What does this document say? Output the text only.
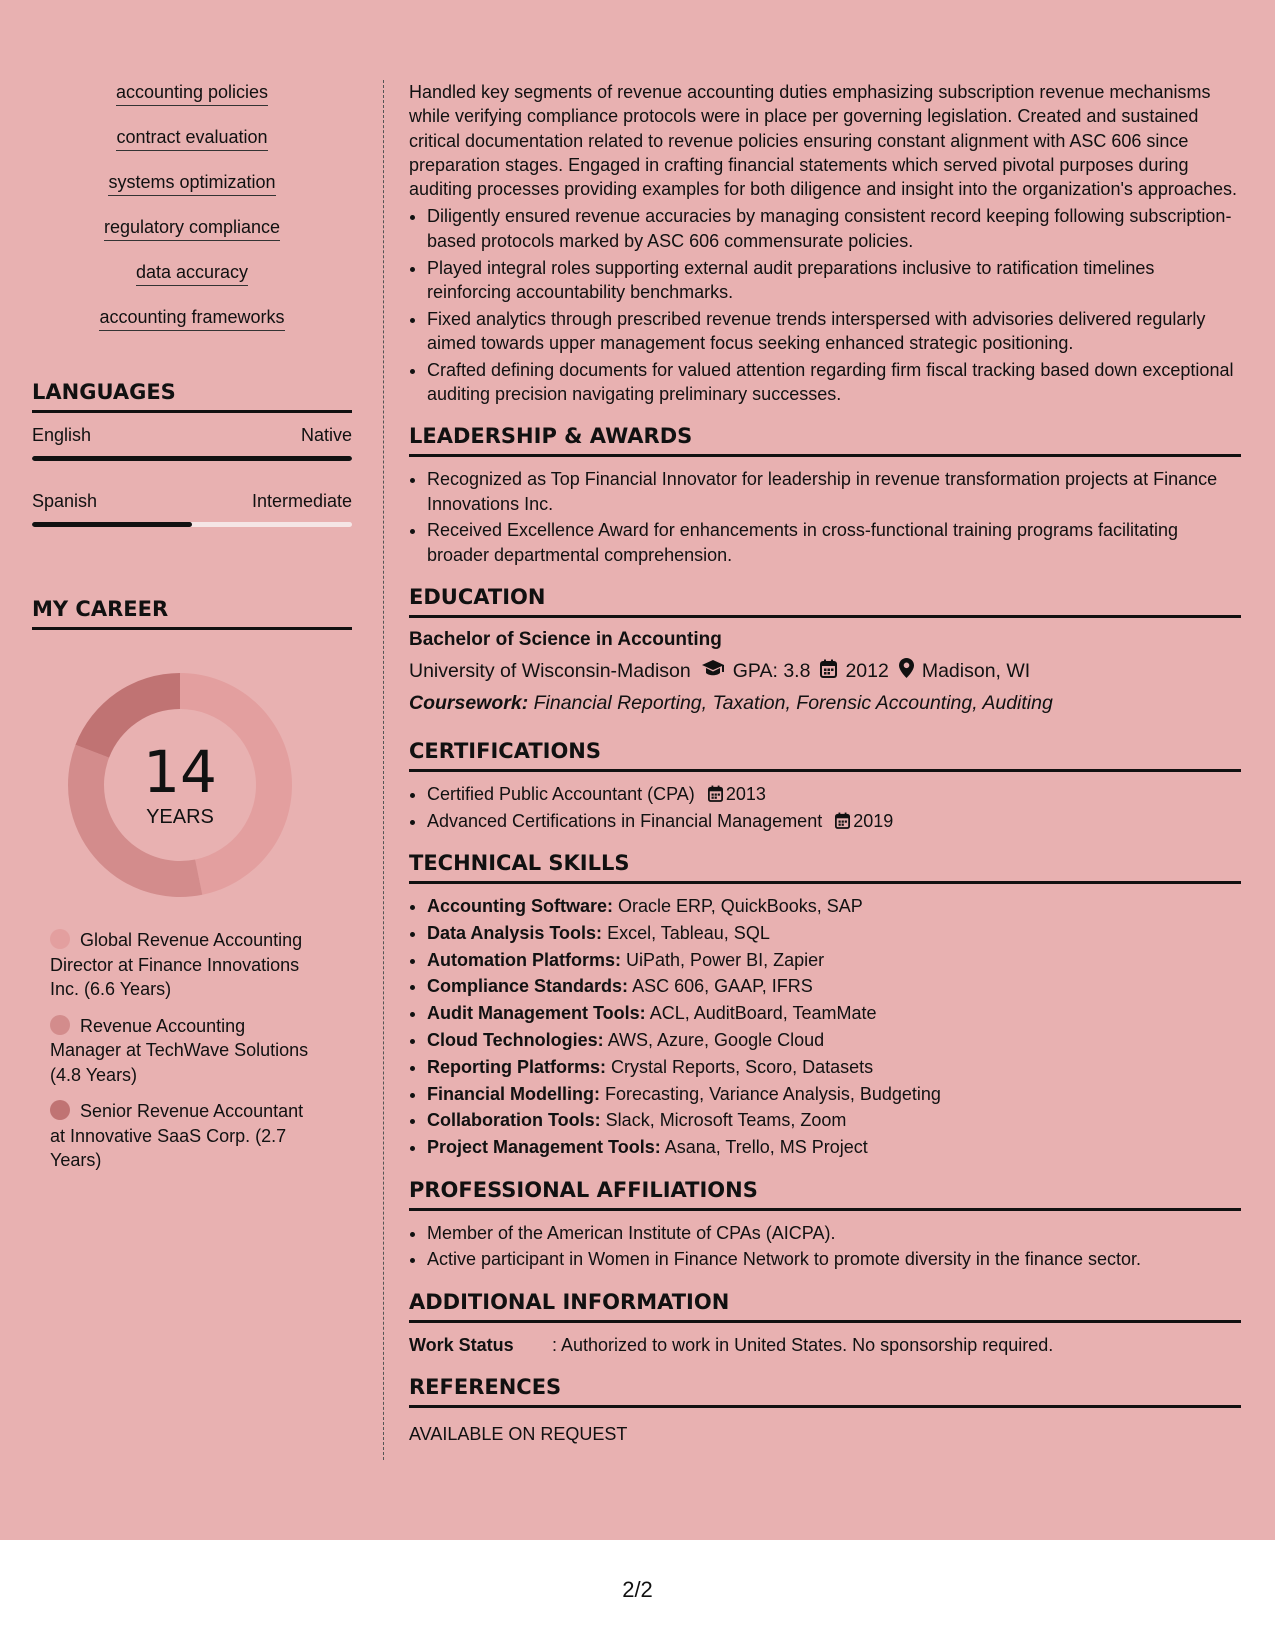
accounting policies
contract evaluation
systems optimization
regulatory compliance
data accuracy
accounting frameworks
LANGUAGES
English	Native
Spanish	Intermediate
MY CAREER
14
YEARS
Global Revenue Accounting Director at Finance Innovations Inc. (6.6 Years)
Revenue Accounting Manager at TechWave Solutions (4.8 Years)
Senior Revenue Accountant at Innovative SaaS Corp. (2.7 Years)

Handled key segments of revenue accounting duties emphasizing subscription revenue mechanisms while verifying compliance protocols were in place per governing legislation. Created and sustained critical documentation related to revenue policies ensuring constant alignment with ASC 606 since preparation stages. Engaged in crafting financial statements which served pivotal purposes during auditing processes providing examples for both diligence and insight into the organization's approaches.

• Diligently ensured revenue accuracies by managing consistent record keeping following subscription-based protocols marked by ASC 606 commensurate policies.
• Played integral roles supporting external audit preparations inclusive to ratification timelines reinforcing accountability benchmarks.
• Fixed analytics through prescribed revenue trends interspersed with advisories delivered regularly aimed towards upper management focus seeking enhanced strategic positioning.
• Crafted defining documents for valued attention regarding firm fiscal tracking based down exceptional auditing precision navigating preliminary successes.
LEADERSHIP & AWARDS
• Recognized as Top Financial Innovator for leadership in revenue transformation projects at Finance Innovations Inc.
• Received Excellence Award for enhancements in cross-functional training programs facilitating broader departmental comprehension.
EDUCATION
Bachelor of Science in Accounting
University of Wisconsin-Madison GPA: 3.8 2012 Madison, WI
Coursework: Financial Reporting, Taxation, Forensic Accounting, Auditing
CERTIFICATIONS
• Certified Public Accountant (CPA) 2013
• Advanced Certifications in Financial Management 2019
TECHNICAL SKILLS
• Accounting Software: Oracle ERP, QuickBooks, SAP
• Data Analysis Tools: Excel, Tableau, SQL
• Automation Platforms: UiPath, Power BI, Zapier
• Compliance Standards: ASC 606, GAAP, IFRS
• Audit Management Tools: ACL, AuditBoard, TeamMate
• Cloud Technologies: AWS, Azure, Google Cloud
• Reporting Platforms: Crystal Reports, Scoro, Datasets
• Financial Modelling: Forecasting, Variance Analysis, Budgeting
• Collaboration Tools: Slack, Microsoft Teams, Zoom
• Project Management Tools: Asana, Trello, MS Project
PROFESSIONAL AFFILIATIONS
• Member of the American Institute of CPAs (AICPA).
• Active participant in Women in Finance Network to promote diversity in the finance sector.
ADDITIONAL INFORMATION
Work Status	: Authorized to work in United States. No sponsorship required.
REFERENCES
AVAILABLE ON REQUEST
2/2
